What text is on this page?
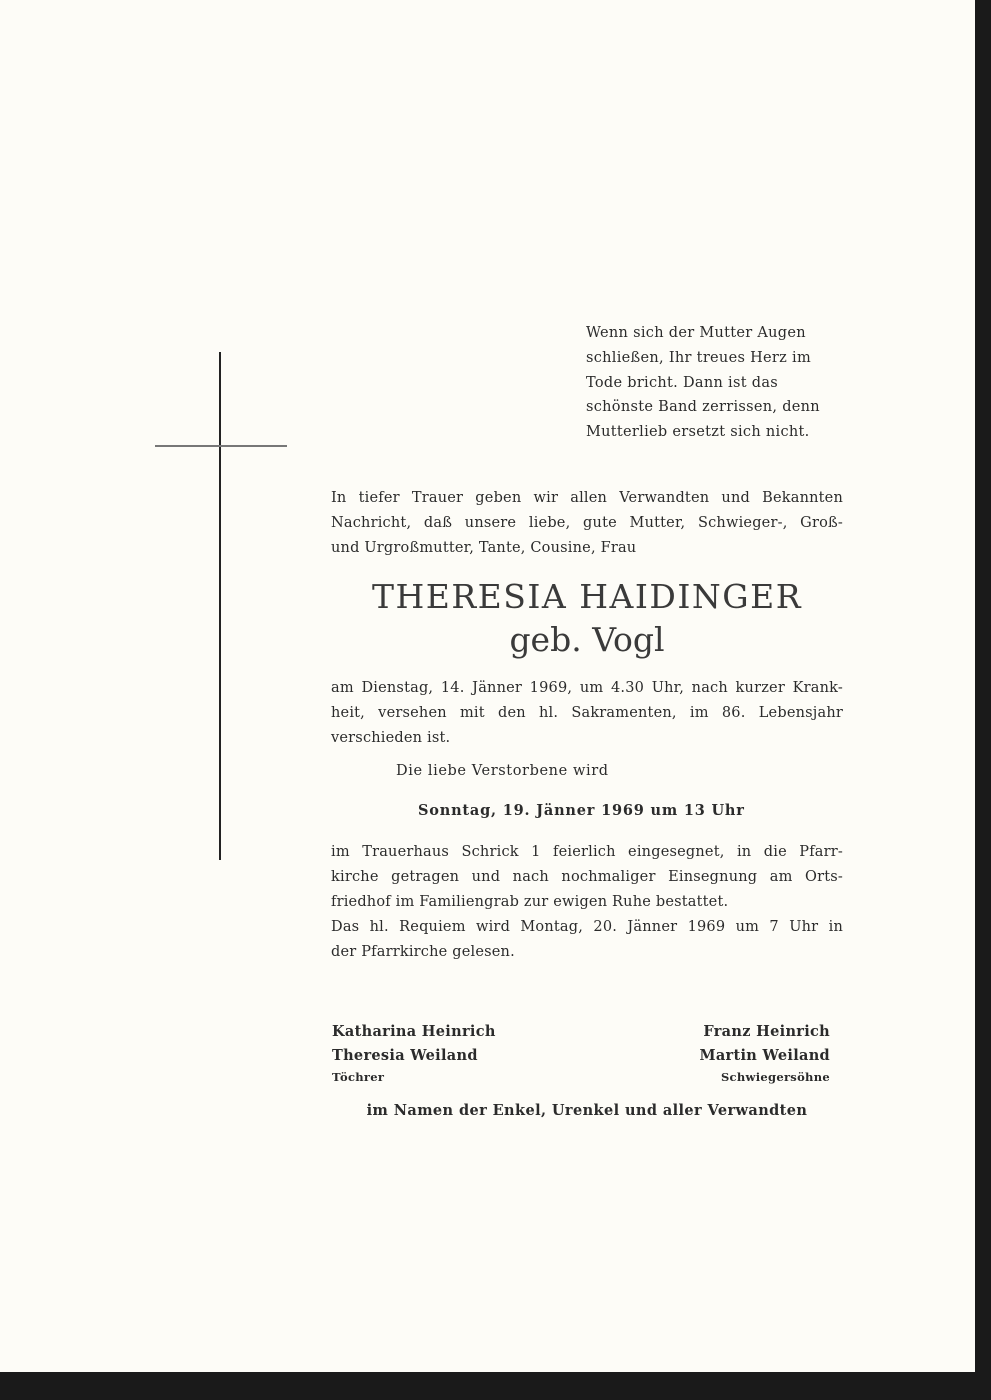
Wenn sich der Mutter Augen
schließen, Ihr treues Herz im
Tode bricht. Dann ist das
schönste Band zerrissen, denn
Mutterlieb ersetzt sich nicht.
In tiefer Trauer geben wir allen Verwandten und Bekannten
Nachricht, daß unsere liebe, gute Mutter, Schwieger-, Groß-
und Urgroßmutter, Tante, Cousine, Frau
THERESIA HAIDINGER
geb. Vogl
am Dienstag, 14. Jänner 1969, um 4.30 Uhr, nach kurzer Krank-
heit, versehen mit den hl. Sakramenten, im 86. Lebensjahr
verschieden ist.
Die liebe Verstorbene wird
Sonntag, 19. Jänner 1969 um 13 Uhr
im Trauerhaus Schrick 1 feierlich eingesegnet, in die Pfarr-
kirche getragen und nach nochmaliger Einsegnung am Orts-
friedhof im Familiengrab zur ewigen Ruhe bestattet.
Das hl. Requiem wird Montag, 20. Jänner 1969 um 7 Uhr in
der Pfarrkirche gelesen.
Katharina Heinrich
Theresia Weiland
Töchrer
Franz Heinrich
Martin Weiland
Schwiegersöhne
im Namen der Enkel, Urenkel und aller Verwandten
